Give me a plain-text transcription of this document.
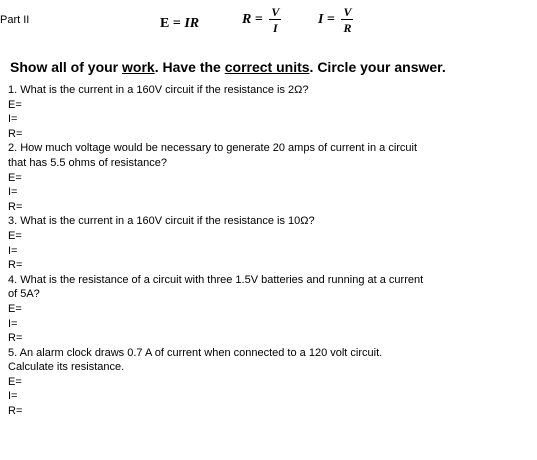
Part II	E = IR	$R = \frac{V}{I}$	$I = \frac{V}{R}$
Show all of your work. Have the correct units. Circle your answer.
1. What is the current in a 160V circuit if the resistance is 2Ω?
E=
I=
R=
2. How much voltage would be necessary to generate 20 amps of current in a circuit
that has 5.5 ohms of resistance?
E=
I=
R=
3. What is the current in a 160V circuit if the resistance is 10Ω?
E=
I=
R=
4. What is the resistance of a circuit with three 1.5V batteries and running at a current
of 5A?
E=
I=
R=
5. An alarm clock draws 0.7 A of current when connected to a 120 volt circuit.
Calculate its resistance.
E=
I=
R=
